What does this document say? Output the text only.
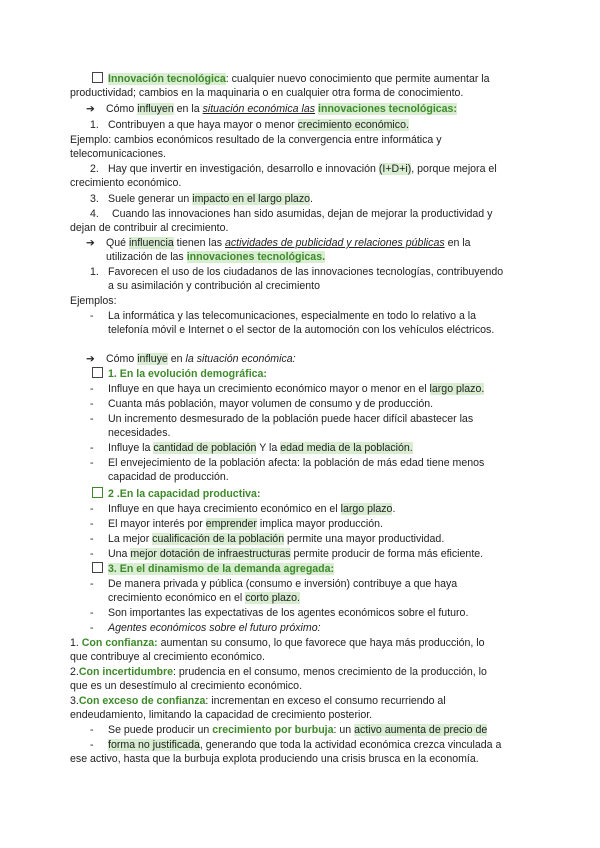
Innovación tecnológica: cualquier nuevo conocimiento que permite aumentar la
productividad; cambios en la maquinaria o en cualquier otra forma de conocimiento.
➔ Cómo influyen en la situación económica las innovaciones tecnológicas:
1. Contribuyen a que haya mayor o menor crecimiento económico.
Ejemplo: cambios económicos resultado de la convergencia entre informática y
telecomunicaciones.
2. Hay que invertir en investigación, desarrollo e innovación (I+D+i), porque mejora el
crecimiento económico.
3. Suele generar un impacto en el largo plazo.
4. Cuando las innovaciones han sido asumidas, dejan de mejorar la productividad y
dejan de contribuir al crecimiento.
➔ Qué influencia tienen las actividades de publicidad y relaciones públicas en la
utilización de las innovaciones tecnológicas.
1. Favorecen el uso de los ciudadanos de las innovaciones tecnologías, contribuyendo
a su asimilación y contribución al crecimiento
Ejemplos:
- La informática y las telecomunicaciones, especialmente en todo lo relativo a la
telefonía móvil e Internet o el sector de la automoción con los vehículos eléctricos.
➔ Cómo influye en la situación económica:
1. En la evolución demográfica:
- Influye en que haya un crecimiento económico mayor o menor en el largo plazo.
- Cuanta más población, mayor volumen de consumo y de producción.
- Un incremento desmesurado de la población puede hacer difícil abastecer las
necesidades.
- Influye la cantidad de población Y la edad media de la población.
- El envejecimiento de la población afecta: la población de más edad tiene menos
capacidad de producción.
2 .En la capacidad productiva:
- Influye en que haya crecimiento económico en el largo plazo.
- El mayor interés por emprender implica mayor producción.
- La mejor cualificación de la población permite una mayor productividad.
- Una mejor dotación de infraestructuras permite producir de forma más eficiente.
3. En el dinamismo de la demanda agregada:
- De manera privada y pública (consumo e inversión) contribuye a que haya
crecimiento económico en el corto plazo.
- Son importantes las expectativas de los agentes económicos sobre el futuro.
- Agentes económicos sobre el futuro próximo:
1. Con confianza: aumentan su consumo, lo que favorece que haya más producción, lo
que contribuye al crecimiento económico.
2.Con incertidumbre: prudencia en el consumo, menos crecimiento de la producción, lo
que es un desestímulo al crecimiento económico.
3.Con exceso de confianza: incrementan en exceso el consumo recurriendo al
endeudamiento, limitando la capacidad de crecimiento posterior.
- Se puede producir un crecimiento por burbuja: un activo aumenta de precio de
- forma no justificada, generando que toda la actividad económica crezca vinculada a
ese activo, hasta que la burbuja explota produciendo una crisis brusca en la economía.
